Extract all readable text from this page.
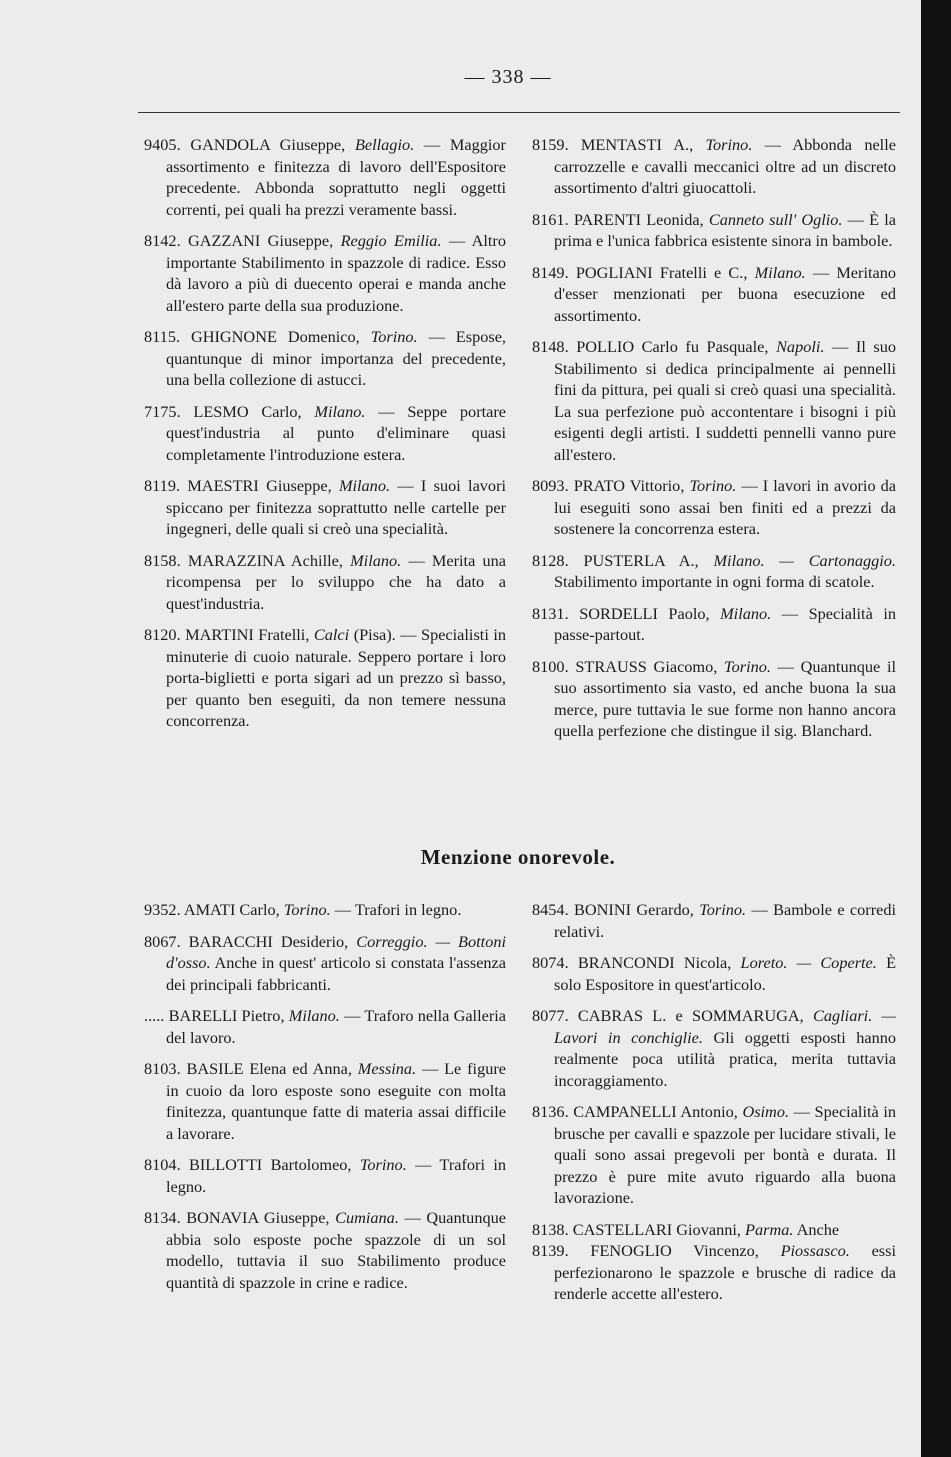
— 338 —

9405. GANDOLA Giuseppe, Bellagio. — Maggior assortimento e finitezza di lavoro dell'Espositore precedente. Abbonda soprattutto negli oggetti correnti, pei quali ha prezzi veramente bassi.

8142. GAZZANI Giuseppe, Reggio Emilia. — Altro importante Stabilimento in spazzole di radice. Esso dà lavoro a più di duecento operai e manda anche all'estero parte della sua produzione.

8115. GHIGNONE Domenico, Torino. — Espose, quantunque di minor importanza del precedente, una bella collezione di astucci.

7175. LESMO Carlo, Milano. — Seppe portare quest'industria al punto d'eliminare quasi completamente l'introduzione estera.

8119. MAESTRI Giuseppe, Milano. — I suoi lavori spiccano per finitezza soprattutto nelle cartelle per ingegneri, delle quali si creò una specialità.

8158. MARAZZINA Achille, Milano. — Merita una ricompensa per lo sviluppo che ha dato a quest'industria.

8120. MARTINI Fratelli, Calci (Pisa). — Specialisti in minuterie di cuoio naturale. Seppero portare i loro porta-biglietti e porta sigari ad un prezzo sì basso, per quanto ben eseguiti, da non temere nessuna concorrenza.

8159. MENTASTI A., Torino. — Abbonda nelle carrozzelle e cavalli meccanici oltre ad un discreto assortimento d'altri giuocattoli.

8161. PARENTI Leonida, Canneto sull' Oglio. — È la prima e l'unica fabbrica esistente sinora in bambole.

8149. POGLIANI Fratelli e C., Milano. — Meritano d'esser menzionati per buona esecuzione ed assortimento.

8148. POLLIO Carlo fu Pasquale, Napoli. — Il suo Stabilimento si dedica principalmente ai pennelli fini da pittura, pei quali si creò quasi una specialità. La sua perfezione può accontentare i bisogni i più esigenti degli artisti. I suddetti pennelli vanno pure all'estero.

8093. PRATO Vittorio, Torino. — I lavori in avorio da lui eseguiti sono assai ben finiti ed a prezzi da sostenere la concorrenza estera.

8128. PUSTERLA A., Milano. — Cartonaggio. Stabilimento importante in ogni forma di scatole.

8131. SORDELLI Paolo, Milano. — Specialità in passe-partout.

8100. STRAUSS Giacomo, Torino. — Quantunque il suo assortimento sia vasto, ed anche buona la sua merce, pure tuttavia le sue forme non hanno ancora quella perfezione che distingue il sig. Blanchard.

Menzione onorevole.

9352. AMATI Carlo, Torino. — Trafori in legno.

8067. BARACCHI Desiderio, Correggio. — Bottoni d'osso. Anche in quest' articolo si constata l'assenza dei principali fabbricanti.

..... BARELLI Pietro, Milano. — Traforo nella Galleria del lavoro.

8103. BASILE Elena ed Anna, Messina. — Le figure in cuoio da loro esposte sono eseguite con molta finitezza, quantunque fatte di materia assai difficile a lavorare.

8104. BILLOTTI Bartolomeo, Torino. — Trafori in legno.

8134. BONAVIA Giuseppe, Cumiana. — Quantunque abbia solo esposte poche spazzole di un sol modello, tuttavia il suo Stabilimento produce quantità di spazzole in crine e radice.

8454. BONINI Gerardo, Torino. — Bambole e corredi relativi.

8074. BRANCONDI Nicola, Loreto. — Coperte. È solo Espositore in quest'articolo.

8077. CABRAS L. e SOMMARUGA, Cagliari. — Lavori in conchiglie. Gli oggetti esposti hanno realmente poca utilità pratica, merita tuttavia incoraggiamento.

8136. CAMPANELLI Antonio, Osimo. — Specialità in brusche per cavalli e spazzole per lucidare stivali, le quali sono assai pregevoli per bontà e durata. Il prezzo è pure mite avuto riguardo alla buona lavorazione.

8138. CASTELLARI Giovanni, Parma. Anche

8139. FENOGLIO Vincenzo, Piossasco. essi perfezionarono le spazzole e brusche di radice da renderle accette all'estero.
